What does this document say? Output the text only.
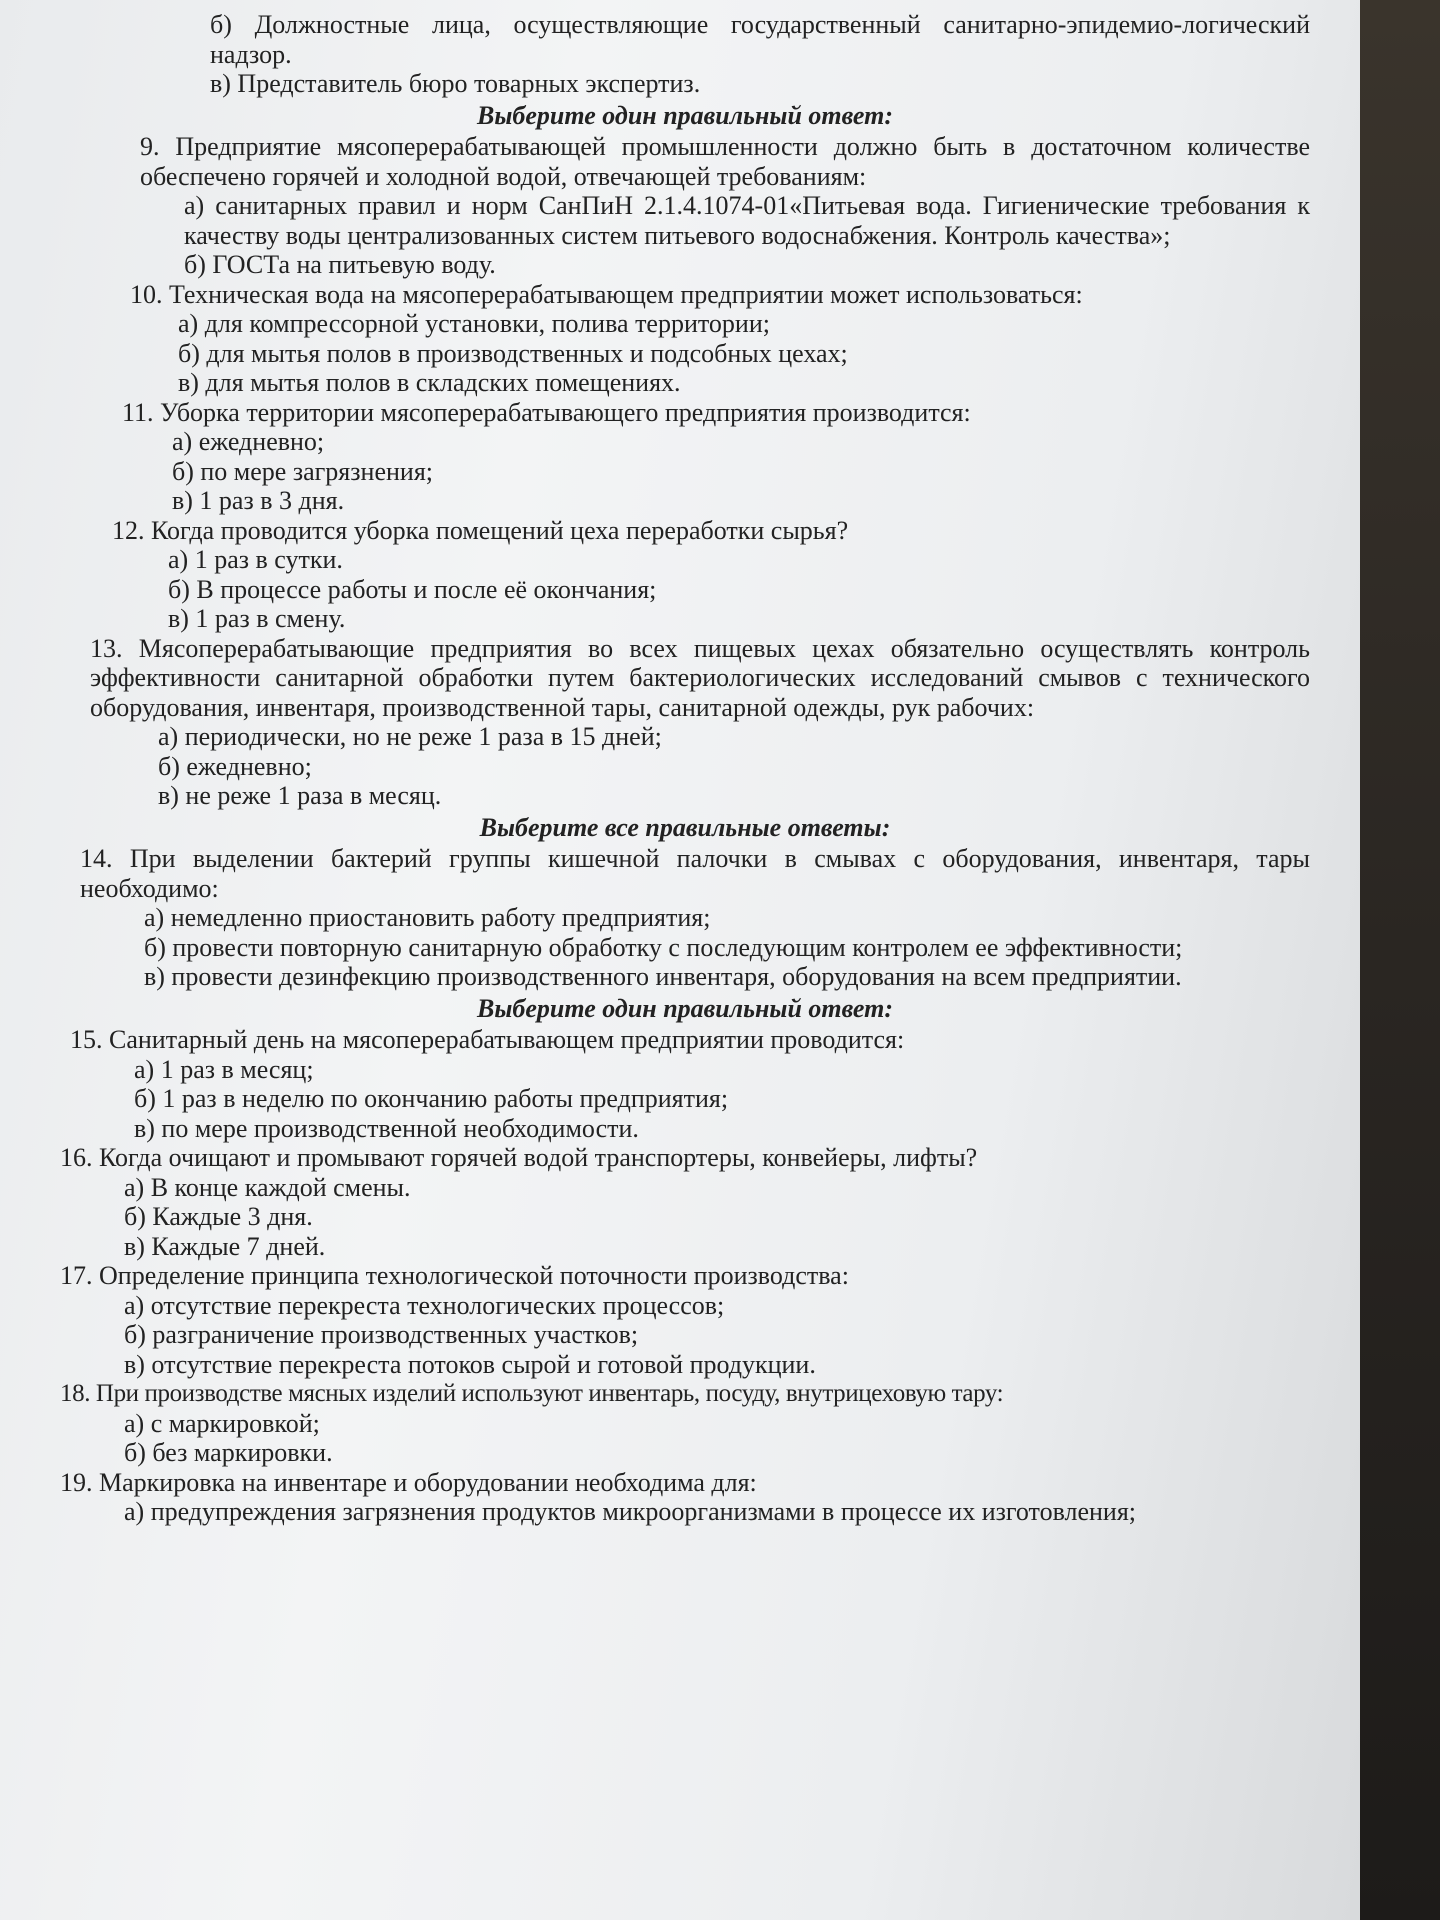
б) Должностные лица, осуществляющие государственный санитарно-эпидемио-логический надзор.

в) Представитель бюро товарных экспертиз.

Выберите один правильный ответ:

9. Предприятие мясоперерабатывающей промышленности должно быть в достаточном количестве обеспечено горячей и холодной водой, отвечающей требованиям:

а) санитарных правил и норм СанПиН 2.1.4.1074-01«Питьевая вода. Гигиенические требования к качеству воды централизованных систем питьевого водоснабжения. Контроль качества»;

б) ГОСТа на питьевую воду.

10. Техническая вода на мясоперерабатывающем предприятии может использоваться:

а) для компрессорной установки, полива территории;

б) для мытья полов в производственных и подсобных цехах;

в) для мытья полов в складских помещениях.

11. Уборка территории мясоперерабатывающего предприятия производится:

а) ежедневно;

б) по мере загрязнения;

в) 1 раз в 3 дня.

12. Когда проводится уборка помещений цеха переработки сырья?

а) 1 раз в сутки.

б) В процессе работы и после её окончания;

в) 1 раз в смену.

13. Мясоперерабатывающие предприятия во всех пищевых цехах обязательно осуществлять контроль эффективности санитарной обработки путем бактериологических исследований смывов с технического оборудования, инвентаря, производственной тары, санитарной одежды, рук рабочих:

а) периодически, но не реже 1 раза в 15 дней;

б) ежедневно;

в) не реже 1 раза в месяц.

Выберите все правильные ответы:

14. При выделении бактерий группы кишечной палочки в смывах с оборудования, инвентаря, тары необходимо:

а) немедленно приостановить работу предприятия;

б) провести повторную санитарную обработку с последующим контролем ее эффективности;

в) провести дезинфекцию производственного инвентаря, оборудования на всем предприятии.

Выберите один правильный ответ:

15. Санитарный день на мясоперерабатывающем предприятии проводится:

а) 1 раз в месяц;

б) 1 раз в неделю по окончанию работы предприятия;

в) по мере производственной необходимости.

16. Когда очищают и промывают горячей водой транспортеры, конвейеры, лифты?

а) В конце каждой смены.

б) Каждые 3 дня.

в) Каждые 7 дней.

17. Определение принципа технологической поточности производства:

а) отсутствие перекреста технологических процессов;

б) разграничение производственных участков;

в) отсутствие перекреста потоков сырой и готовой продукции.

18. При производстве мясных изделий используют инвентарь, посуду, внутрицеховую тару:

а) с маркировкой;

б) без маркировки.

19. Маркировка на инвентаре и оборудовании необходима для:

а) предупреждения загрязнения продуктов микроорганизмами в процессе их изготовления;
